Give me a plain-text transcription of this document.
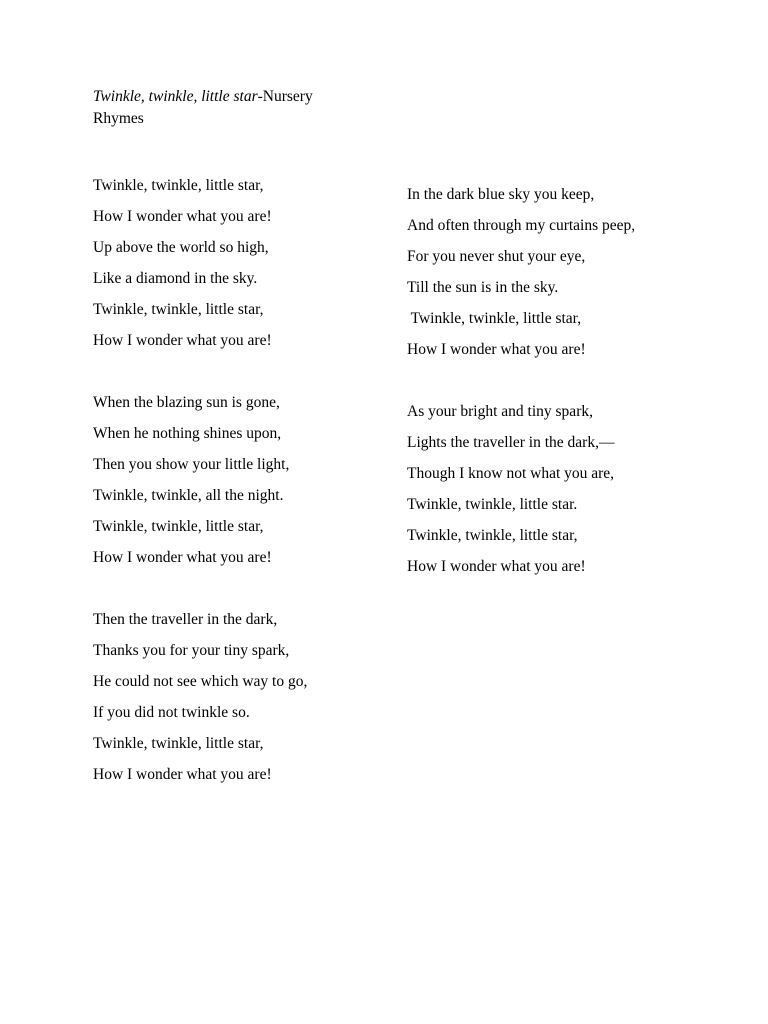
Twinkle, twinkle, little star-Nursery
Rhymes
Twinkle, twinkle, little star,
How I wonder what you are!
Up above the world so high,
Like a diamond in the sky.
Twinkle, twinkle, little star,
How I wonder what you are!
When the blazing sun is gone,
When he nothing shines upon,
Then you show your little light,
Twinkle, twinkle, all the night.
Twinkle, twinkle, little star,
How I wonder what you are!
Then the traveller in the dark,
Thanks you for your tiny spark,
He could not see which way to go,
If you did not twinkle so.
Twinkle, twinkle, little star,
How I wonder what you are!
In the dark blue sky you keep,
And often through my curtains peep,
For you never shut your eye,
Till the sun is in the sky.
Twinkle, twinkle, little star,
How I wonder what you are!
As your bright and tiny spark,
Lights the traveller in the dark,—
Though I know not what you are,
Twinkle, twinkle, little star.
Twinkle, twinkle, little star,
How I wonder what you are!
